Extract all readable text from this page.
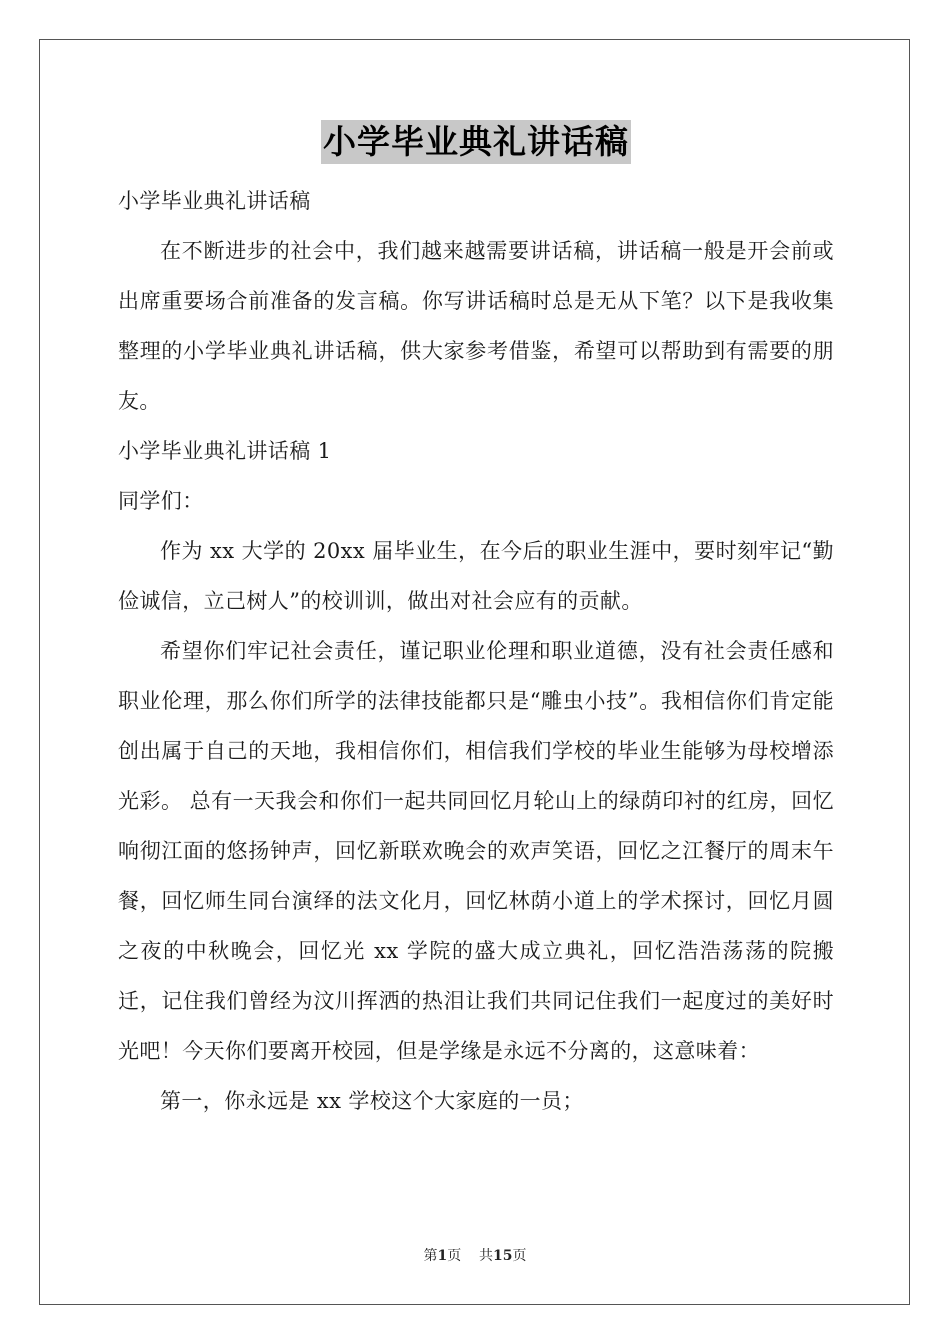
小学毕业典礼讲话稿

小学毕业典礼讲话稿

在不断进步的社会中，我们越来越需要讲话稿，讲话稿一般是开会前或出席重要场合前准备的发言稿。你写讲话稿时总是无从下笔？以下是我收集整理的小学毕业典礼讲话稿，供大家参考借鉴，希望可以帮助到有需要的朋友。

小学毕业典礼讲话稿 1

同学们：

作为 xx 大学的 20xx 届毕业生，在今后的职业生涯中，要时刻牢记“勤俭诚信，立己树人”的校训训，做出对社会应有的贡献。

希望你们牢记社会责任，谨记职业伦理和职业道德，没有社会责任感和职业伦理，那么你们所学的法律技能都只是“雕虫小技”。我相信你们肯定能创出属于自己的天地，我相信你们，相信我们学校的毕业生能够为母校增添光彩。 总有一天我会和你们一起共同回忆月轮山上的绿荫印衬的红房，回忆响彻江面的悠扬钟声，回忆新联欢晚会的欢声笑语，回忆之江餐厅的周末午餐，回忆师生同台演绎的法文化月，回忆林荫小道上的学术探讨，回忆月圆之夜的中秋晚会，回忆光 xx 学院的盛大成立典礼，回忆浩浩荡荡的院搬迁，记住我们曾经为汶川挥洒的热泪让我们共同记住我们一起度过的美好时光吧！今天你们要离开校园，但是学缘是永远不分离的，这意味着：

第一，你永远是 xx 学校这个大家庭的一员；

第1页 共15页
